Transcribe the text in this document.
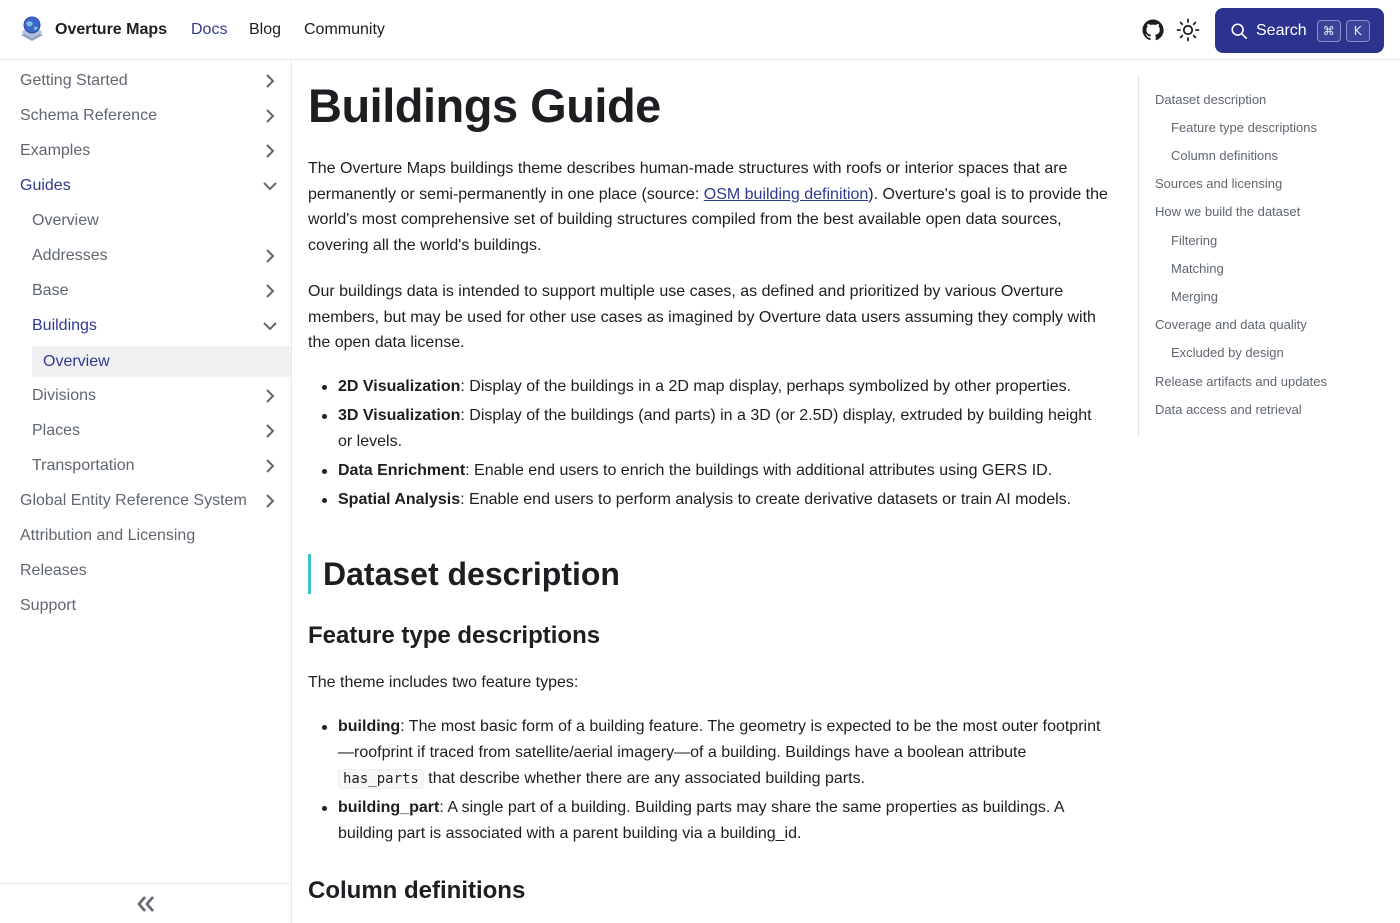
Overture Maps Docs Blog Community	Search	⌘	K
Getting Started
Schema Reference
Examples
Guides
Overview
Addresses
Base
Buildings
Overview
Divisions
Places
Transportation
Global Entity Reference System
Attribution and Licensing
Releases
Support
Buildings Guide

The Overture Maps buildings theme describes human-made structures with roofs or interior spaces that are permanently or semi-permanently in one place (source: OSM building definition). Overture's goal is to provide the world's most comprehensive set of building structures compiled from the best available open data sources, covering all the world's buildings.

Our buildings data is intended to support multiple use cases, as defined and prioritized by various Overture members, but may be used for other use cases as imagined by Overture data users assuming they comply with the open data license.

2D Visualization: Display of the buildings in a 2D map display, perhaps symbolized by other properties.
3D Visualization: Display of the buildings (and parts) in a 3D (or 2.5D) display, extruded by building height or levels.
Data Enrichment: Enable end users to enrich the buildings with additional attributes using GERS ID.
Spatial Analysis: Enable end users to perform analysis to create derivative datasets or train AI models.
Dataset description
Feature type descriptions

The theme includes two feature types:

building: The most basic form of a building feature. The geometry is expected to be the most outer footprint—roofprint if traced from satellite/aerial imagery—of a building. Buildings have a boolean attribute has_parts that describe whether there are any associated building parts.
building_part: A single part of a building. Building parts may share the same properties as buildings. A building part is associated with a parent building via a building_id.
Column definitions
Dataset description
Feature type descriptions
Column definitions
Sources and licensing
How we build the dataset
Filtering
Matching
Merging
Coverage and data quality
Excluded by design
Release artifacts and updates
Data access and retrieval
